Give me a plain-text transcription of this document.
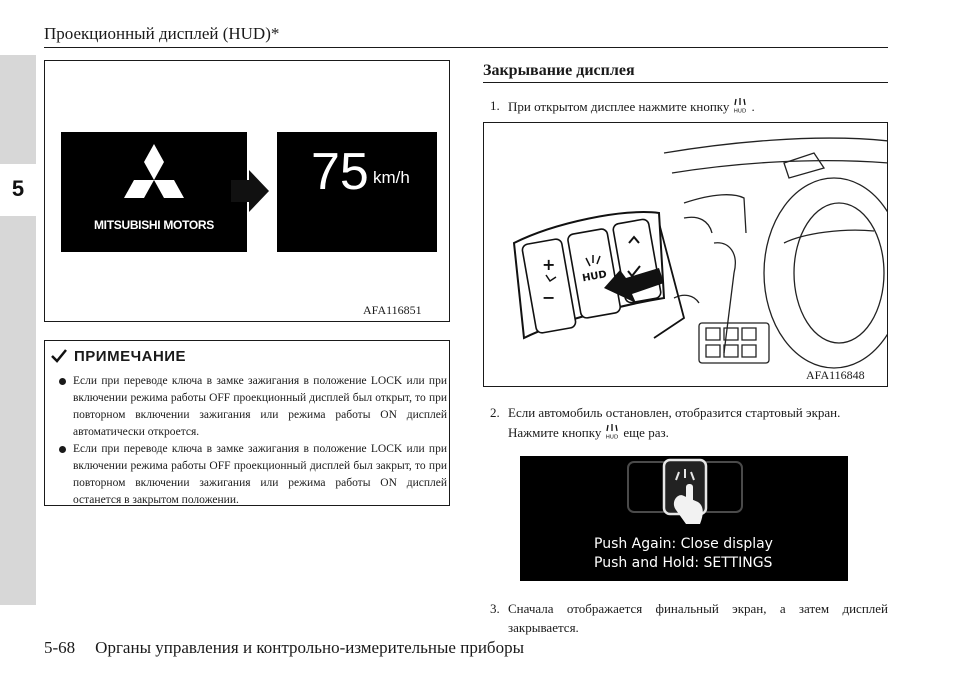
5
Проекционный дисплей (HUD)*
5-68 Органы управления и контрольно-измерительные приборы
MITSUBISHI MOTORS
75 km/h
AFA116851
ПРИМЕЧАНИЕ
Если при переводе ключа в замке зажигания в положение LOCK или при включении режима работы OFF проекционный дисплей был открыт, то при повторном включении зажигания или режима работы ON дисплей автоматически откроется.
Если при переводе ключа в замке зажигания в положение LOCK или при включении режима работы OFF проекционный дисплей был закрыт, то при повторном включении зажигания или режима работы ON дисплей останется в закрытом положении.
Закрывание дисплея
1. При открытом дисплее нажмите кнопку HUD .
+
−
HUD
AFA116848
2. Если автомобиль остановлен, отобразится стартовый экран.
Нажмите кнопку HUD еще раз.
Push Again: Close display
Push and Hold: SETTINGS
3. Сначала отображается финальный экран, а затем дисплей закрывается.
